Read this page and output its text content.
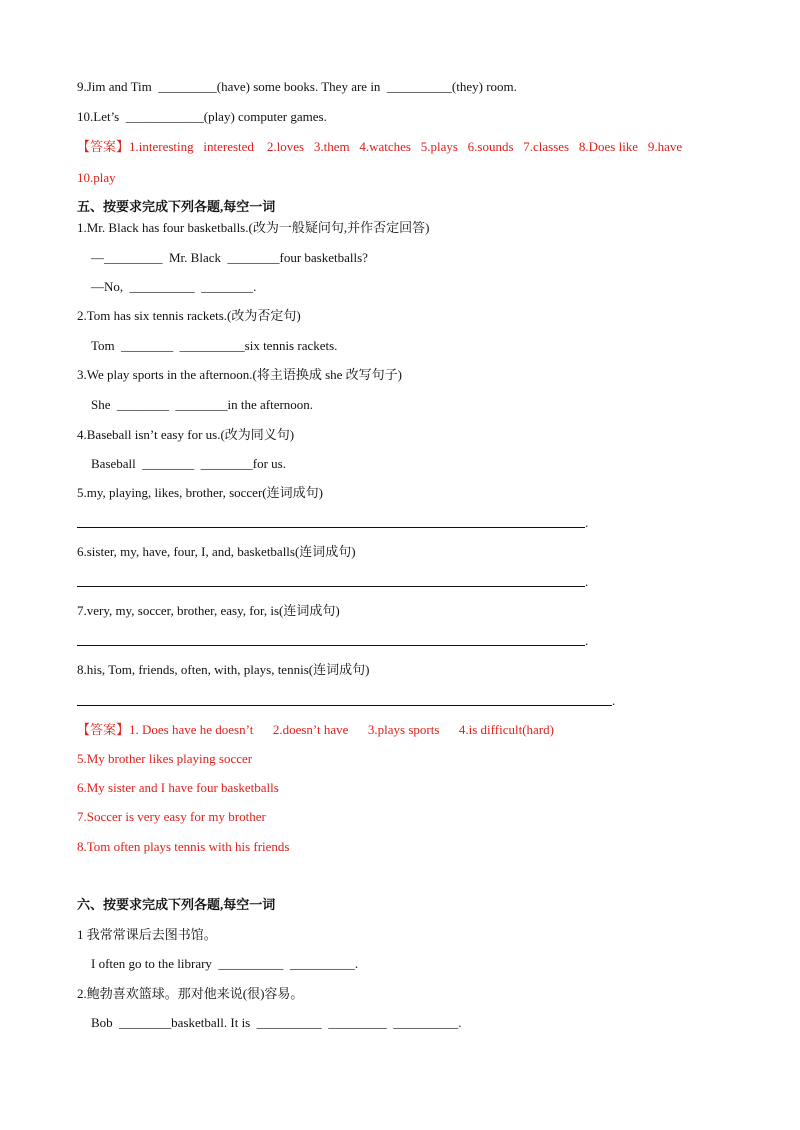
9.Jim and Tim  _________(have) some books. They are in  __________(they) room.
10.Let’s  ____________(play) computer games.
【答案】1.interesting   interested    2.loves   3.them   4.watches   5.plays   6.sounds   7.classes   8.Does like   9.have
10.play
五、按要求完成下列各题,每空一词
1.Mr. Black has four basketballs.(改为一般疑问句,并作否定回答)
—_________  Mr. Black  ________four basketballs?
—No,  __________  ________.
2.Tom has six tennis rackets.(改为否定句)
Tom  ________  __________six tennis rackets.
3.We play sports in the afternoon.(将主语换成 she 改写句子)
She  ________  ________in the afternoon.
4.Baseball isn’t easy for us.(改为同义句)
Baseball  ________  ________for us.
5.my, playing, likes, brother, soccer(连词成句)
.
6.sister, my, have, four, I, and, basketballs(连词成句)
.
7.very, my, soccer, brother, easy, for, is(连词成句)
.
8.his, Tom, friends, often, with, plays, tennis(连词成句)
.
【答案】1. Does have he doesn’t      2.doesn’t have      3.plays sports      4.is difficult(hard)
5.My brother likes playing soccer
6.My sister and I have four basketballs
7.Soccer is very easy for my brother
8.Tom often plays tennis with his friends
六、按要求完成下列各题,每空一词
1 我常常课后去图书馆。
I often go to the library  __________  __________.
2.鲍勃喜欢篮球。那对他来说(很)容易。
Bob  ________basketball. It is  __________  _________  __________.
